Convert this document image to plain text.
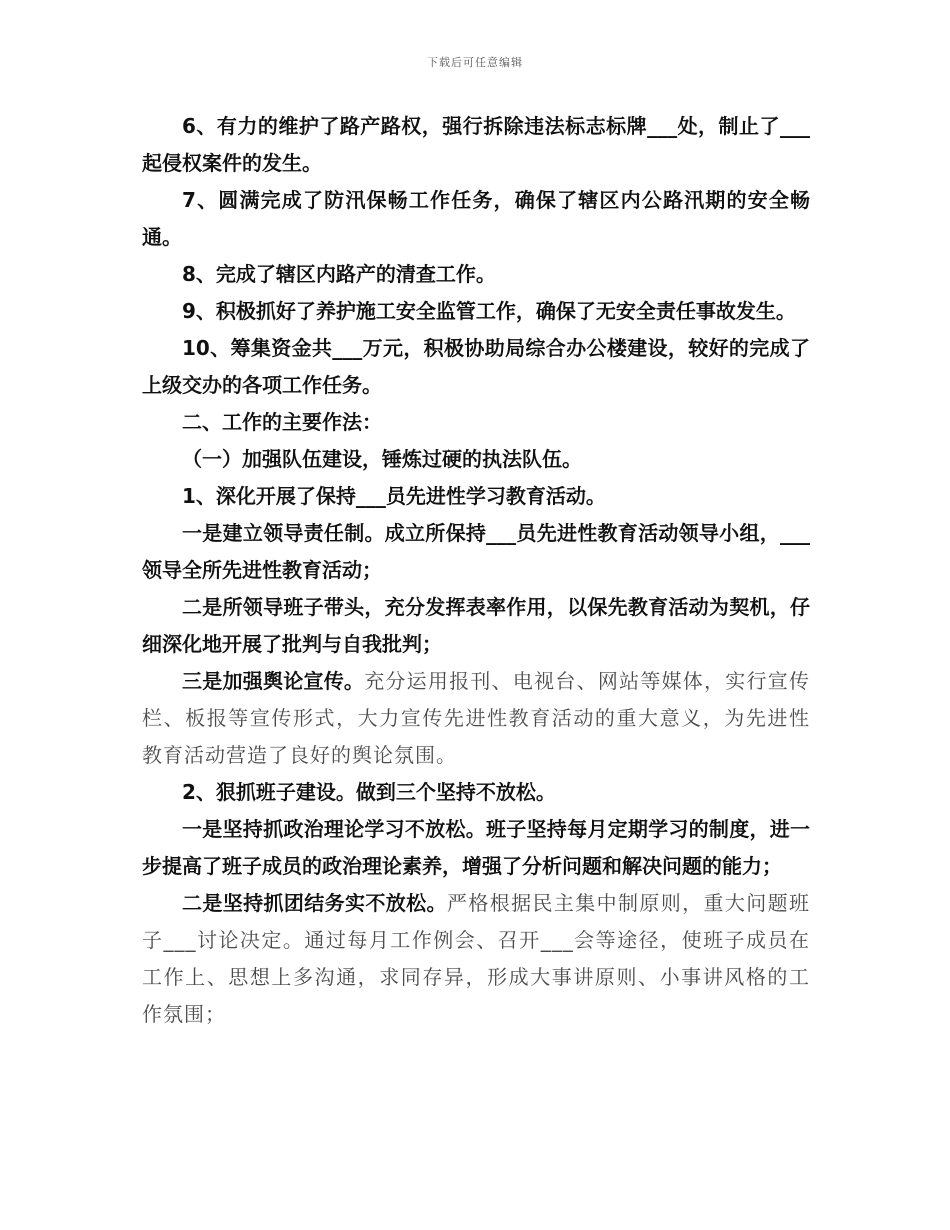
下载后可任意编辑

6、有力的维护了路产路权，强行拆除违法标志标牌___处，制止了___起侵权案件的发生。

7、圆满完成了防汛保畅工作任务，确保了辖区内公路汛期的安全畅通。

8、完成了辖区内路产的清查工作。

9、积极抓好了养护施工安全监管工作，确保了无安全责任事故发生。

10、筹集资金共___万元，积极协助局综合办公楼建设，较好的完成了上级交办的各项工作任务。

二、工作的主要作法：

（一）加强队伍建设，锤炼过硬的执法队伍。

1、深化开展了保持___员先进性学习教育活动。

一是建立领导责任制。成立所保持___员先进性教育活动领导小组，___领导全所先进性教育活动；

二是所领导班子带头，充分发挥表率作用，以保先教育活动为契机，仔细深化地开展了批判与自我批判；

三是加强舆论宣传。充分运用报刊、电视台、网站等媒体，实行宣传栏、板报等宣传形式，大力宣传先进性教育活动的重大意义，为先进性教育活动营造了良好的舆论氛围。

2、狠抓班子建设。做到三个坚持不放松。

一是坚持抓政治理论学习不放松。班子坚持每月定期学习的制度，进一步提高了班子成员的政治理论素养，增强了分析问题和解决问题的能力；

二是坚持抓团结务实不放松。严格根据民主集中制原则，重大问题班子___讨论决定。通过每月工作例会、召开___会等途径，使班子成员在工作上、思想上多沟通，求同存异，形成大事讲原则、小事讲风格的工作氛围；
